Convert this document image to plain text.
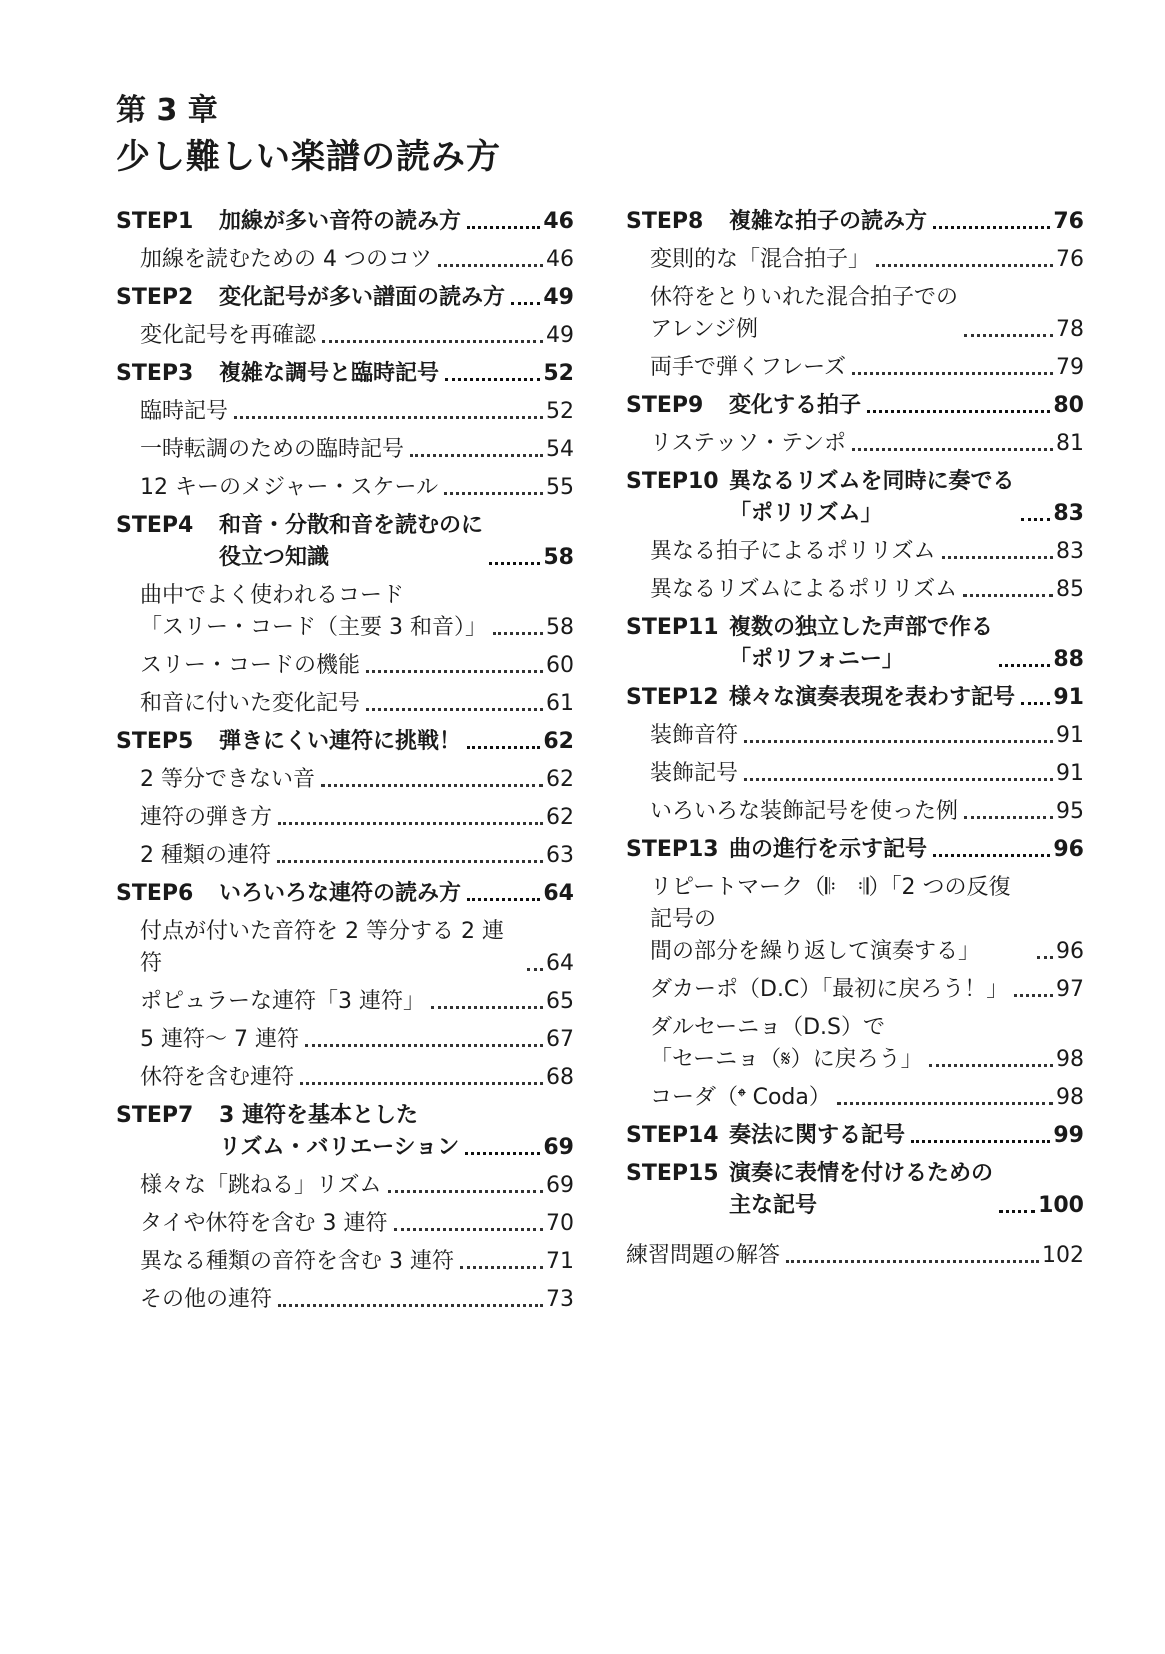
第 3 章
少し難しい楽譜の読み方
STEP1	加線が多い音符の読み方	46
加線を読むための 4 つのコツ	46
STEP2	変化記号が多い譜面の読み方 49
変化記号を再確認	49
STEP3	複雑な調号と臨時記号	52
臨時記号	52
一時転調のための臨時記号	54
12 キーのメジャー・スケール	55
STEP4	和音・分散和音を読むのに
役立つ知識	58
曲中でよく使われるコード
「スリー・コード（主要 3 和音）」	58
スリー・コードの機能	60
和音に付いた変化記号	61
STEP5	弾きにくい連符に挑戦！	62
2 等分できない音	62
連符の弾き方	62
2 種類の連符	63
STEP6	いろいろな連符の読み方	64
付点が付いた音符を 2 等分する 2 連符	64
ポピュラーな連符「3 連符」	65
5 連符〜 7 連符	67
休符を含む連符	68
STEP7	3 連符を基本とした
リズム・バリエーション	69
様々な「跳ねる」リズム	69
タイや休符を含む 3 連符	70
異なる種類の音符を含む 3 連符	71
その他の連符	73
STEP8	複雑な拍子の読み方	76
変則的な「混合拍子」	76
休符をとりいれた混合拍子での
アレンジ例	78
両手で弾くフレーズ	79
STEP9	変化する拍子	80
リステッソ・テンポ	81
STEP10 異なるリズムを同時に奏でる
「ポリリズム」	83
異なる拍子によるポリリズム	83
異なるリズムによるポリリズム	85
STEP11 複数の独立した声部で作る
「ポリフォニー」	88
STEP12 様々な演奏表現を表わす記号 91
装飾音符	91
装飾記号	91
いろいろな装飾記号を使った例	95
STEP13 曲の進行を示す記号	96
リピートマーク（𝄆　𝄇）「2 つの反復記号の
間の部分を繰り返して演奏する」	96
ダカーポ（D.C）「最初に戻ろう！」 97
ダルセーニョ（D.S）で
「セーニョ（𝄋）に戻ろう」	98
コーダ（𝄌 Coda）	98
STEP14 奏法に関する記号	99
STEP15 演奏に表情を付けるための
主な記号	100
練習問題の解答	102
